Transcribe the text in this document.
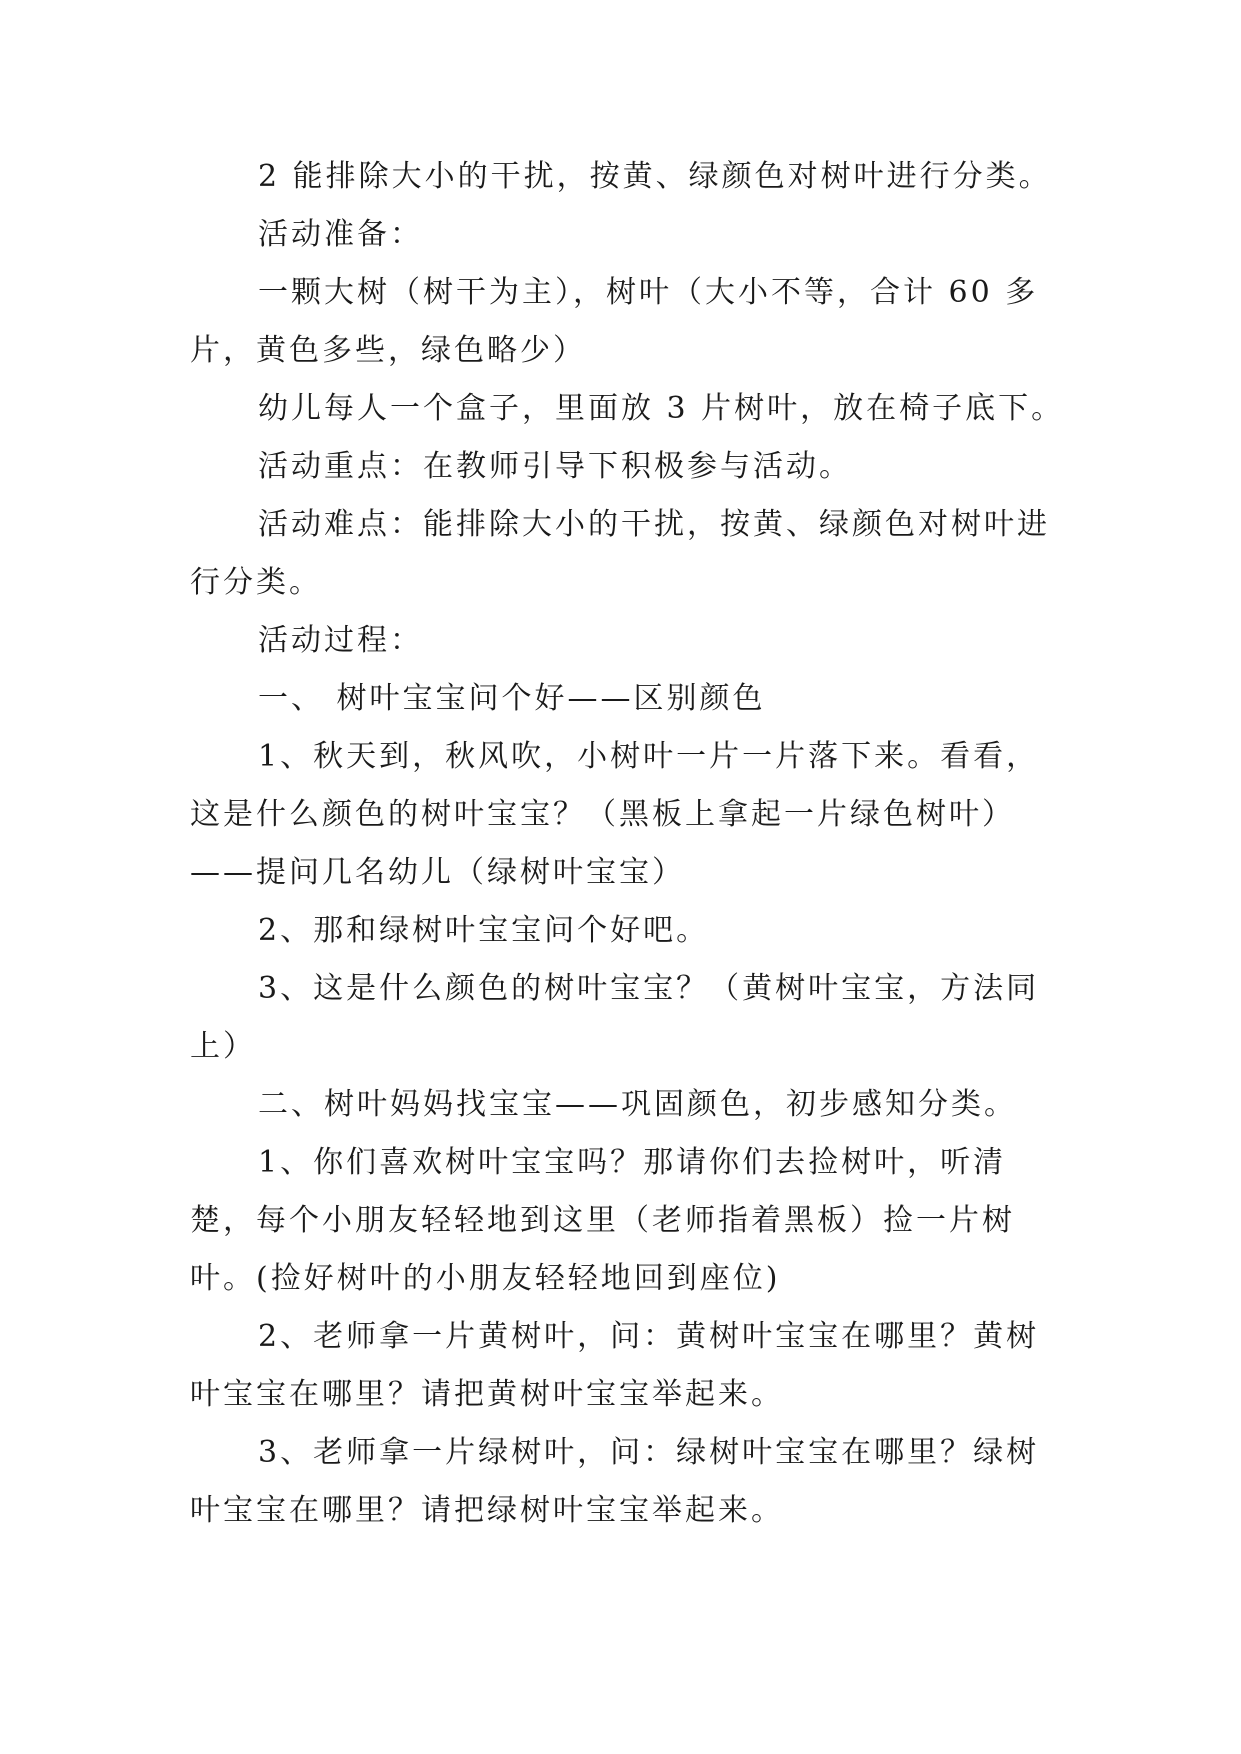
2 能排除大小的干扰，按黄、绿颜色对树叶进行分类。

活动准备：

一颗大树（树干为主），树叶（大小不等，合计 60 多片，黄色多些，绿色略少）

幼儿每人一个盒子，里面放 3 片树叶，放在椅子底下。

活动重点：在教师引导下积极参与活动。

活动难点：能排除大小的干扰，按黄、绿颜色对树叶进行分类。

活动过程：

一、 树叶宝宝问个好——区别颜色

1、秋天到，秋风吹，小树叶一片一片落下来。看看，这是什么颜色的树叶宝宝？（黑板上拿起一片绿色树叶）——提问几名幼儿（绿树叶宝宝）

2、那和绿树叶宝宝问个好吧。

3、这是什么颜色的树叶宝宝？（黄树叶宝宝，方法同上）

二、树叶妈妈找宝宝——巩固颜色，初步感知分类。

1、你们喜欢树叶宝宝吗？那请你们去捡树叶，听清楚，每个小朋友轻轻地到这里（老师指着黑板）捡一片树叶。(捡好树叶的小朋友轻轻地回到座位)

2、老师拿一片黄树叶，问：黄树叶宝宝在哪里？黄树叶宝宝在哪里？请把黄树叶宝宝举起来。

3、老师拿一片绿树叶，问：绿树叶宝宝在哪里？绿树叶宝宝在哪里？请把绿树叶宝宝举起来。
